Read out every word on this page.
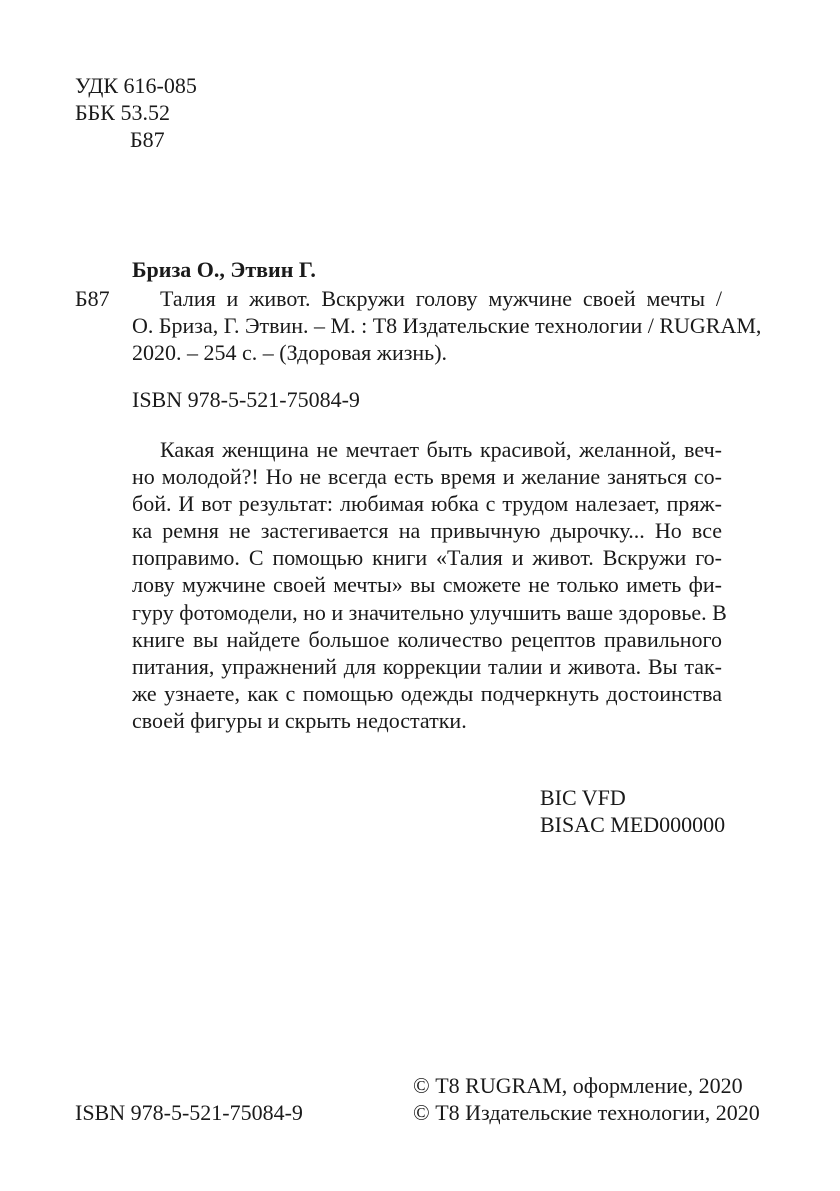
УДК 616-085
ББК 53.52
Б87
Бриза О., Этвин Г.
Б87	Талия и живот. Вскружи голову мужчине своей мечты /
О. Бриза, Г. Этвин. – М. : Т8 Издательские технологии / RUGRAM,
2020. – 254 с. – (Здоровая жизнь).
ISBN 978-5-521-75084-9
Какая женщина не мечтает быть красивой, желанной, веч-
но молодой?! Но не всегда есть время и желание заняться со-
бой. И вот результат: любимая юбка с трудом налезает, пряж-
ка ремня не застегивается на привычную дырочку... Но все
поправимо. С помощью книги «Талия и живот. Вскружи го-
лову мужчине своей мечты» вы сможете не только иметь фи-
гуру фотомодели, но и значительно улучшить ваше здоровье. В
книге вы найдете большое количество рецептов правильного
питания, упражнений для коррекции талии и живота. Вы так-
же узнаете, как с помощью одежды подчеркнуть достоинства
своей фигуры и скрыть недостатки.
BIC VFD
BISAC MED000000
ISBN 978-5-521-75084-9
© Т8 RUGRAM, оформление, 2020
© Т8 Издательские технологии, 2020
